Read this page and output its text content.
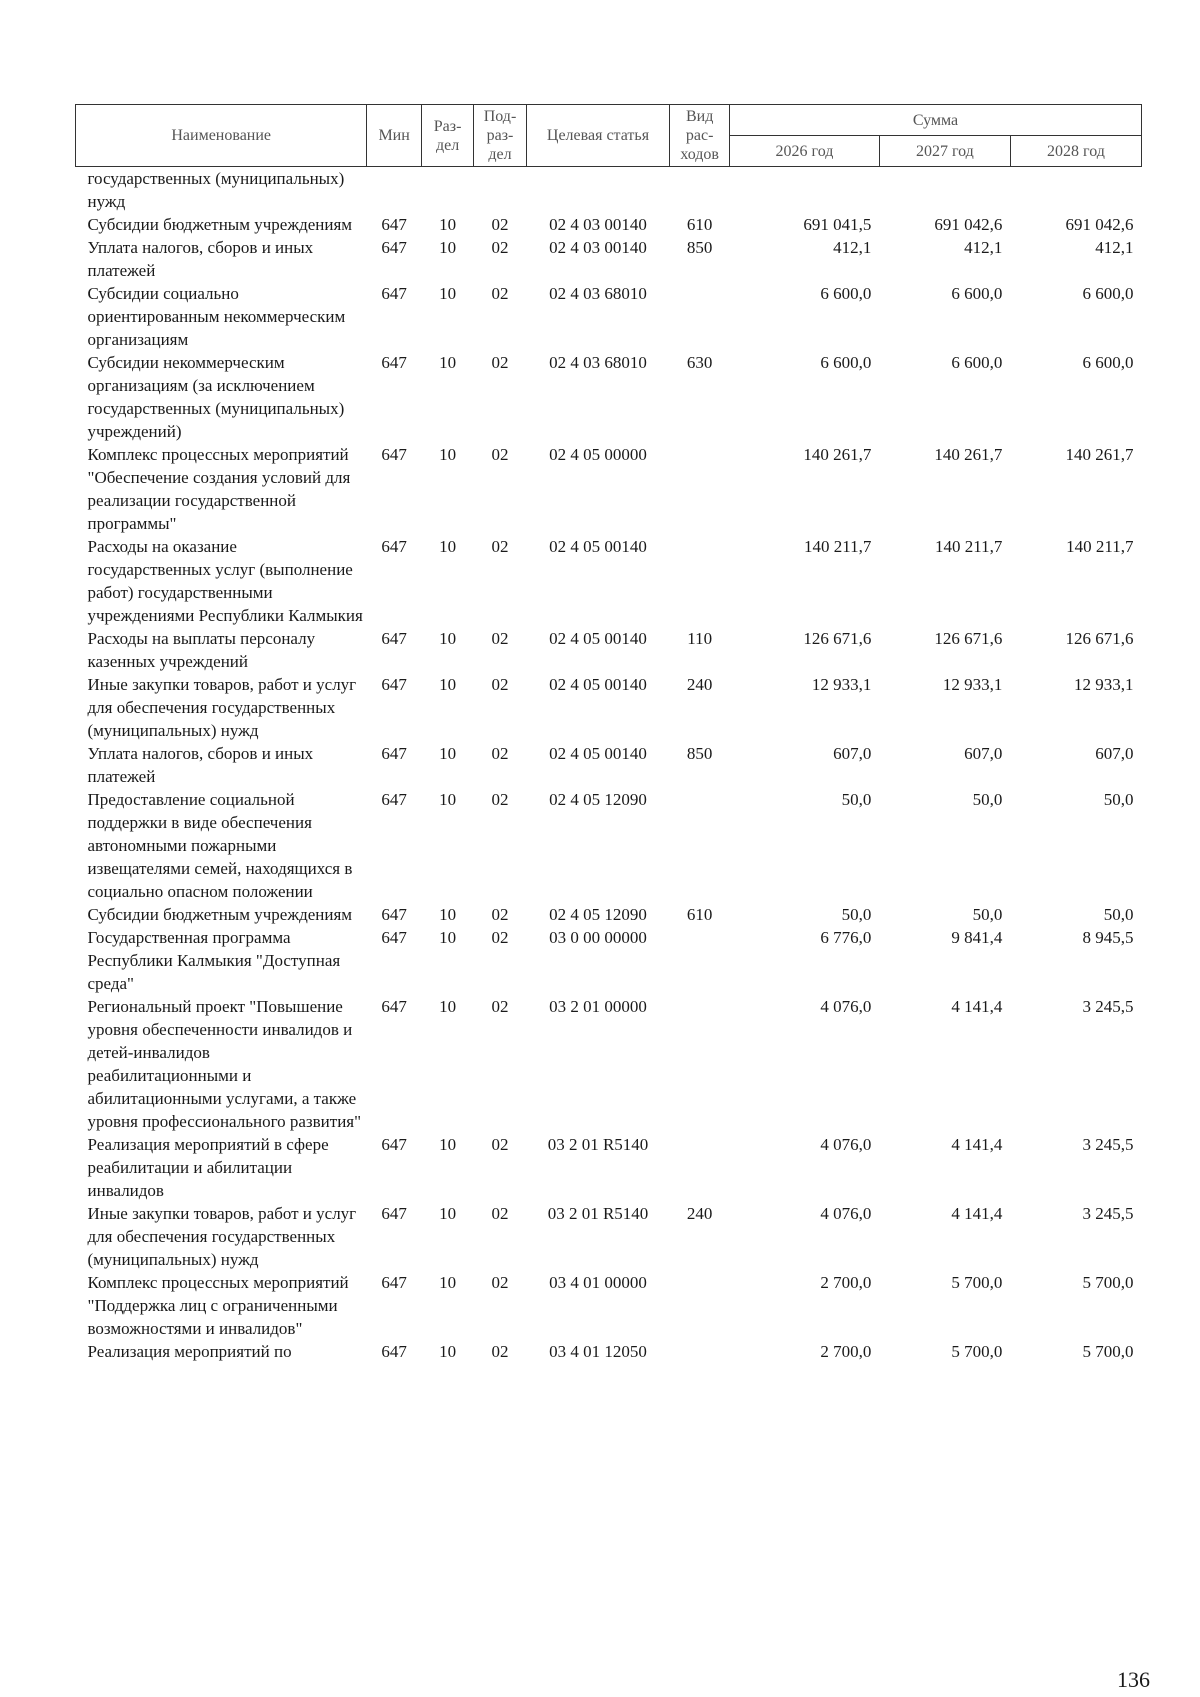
Наименование	Мин	Раз-дел	Под-раз-дел	Целевая статья	Вид рас-ходов	Сумма		
						2026 год	2027 год	2028 год
государственных (муниципальных) нужд								
Субсидии бюджетным учреждениям	647	10	02	02 4 03 00140	610	691 041,5	691 042,6	691 042,6
Уплата налогов, сборов и иных платежей	647	10	02	02 4 03 00140	850	412,1	412,1	412,1
Субсидии социально ориентированным некоммерческим организациям	647	10	02	02 4 03 68010		6 600,0	6 600,0	6 600,0
Субсидии некоммерческим организациям (за исключением государственных (муниципальных) учреждений)	647	10	02	02 4 03 68010	630	6 600,0	6 600,0	6 600,0
Комплекс процессных мероприятий "Обеспечение создания условий для реализации государственной программы"	647	10	02	02 4 05 00000		140 261,7	140 261,7	140 261,7
Расходы на оказание государственных услуг (выполнение работ) государственными учреждениями Республики Калмыкия	647	10	02	02 4 05 00140		140 211,7	140 211,7	140 211,7
Расходы на выплаты персоналу казенных учреждений	647	10	02	02 4 05 00140	110	126 671,6	126 671,6	126 671,6
Иные закупки товаров, работ и услуг для обеспечения государственных (муниципальных) нужд	647	10	02	02 4 05 00140	240	12 933,1	12 933,1	12 933,1
Уплата налогов, сборов и иных платежей	647	10	02	02 4 05 00140	850	607,0	607,0	607,0
Предоставление социальной поддержки в виде обеспечения автономными пожарными извещателями семей, находящихся в социально опасном положении	647	10	02	02 4 05 12090		50,0	50,0	50,0
Субсидии бюджетным учреждениям	647	10	02	02 4 05 12090	610	50,0	50,0	50,0
Государственная программа Республики Калмыкия "Доступная среда"	647	10	02	03 0 00 00000		6 776,0	9 841,4	8 945,5
Региональный проект "Повышение уровня обеспеченности инвалидов и детей-инвалидов реабилитационными и абилитационными услугами, а также уровня профессионального развития"	647	10	02	03 2 01 00000		4 076,0	4 141,4	3 245,5
Реализация мероприятий в сфере реабилитации и абилитации инвалидов	647	10	02	03 2 01 R5140		4 076,0	4 141,4	3 245,5
Иные закупки товаров, работ и услуг для обеспечения государственных (муниципальных) нужд	647	10	02	03 2 01 R5140	240	4 076,0	4 141,4	3 245,5
Комплекс процессных мероприятий "Поддержка лиц с ограниченными возможностями и инвалидов"	647	10	02	03 4 01 00000		2 700,0	5 700,0	5 700,0
Реализация мероприятий по	647	10	02	03 4 01 12050		2 700,0	5 700,0	5 700,0
136
